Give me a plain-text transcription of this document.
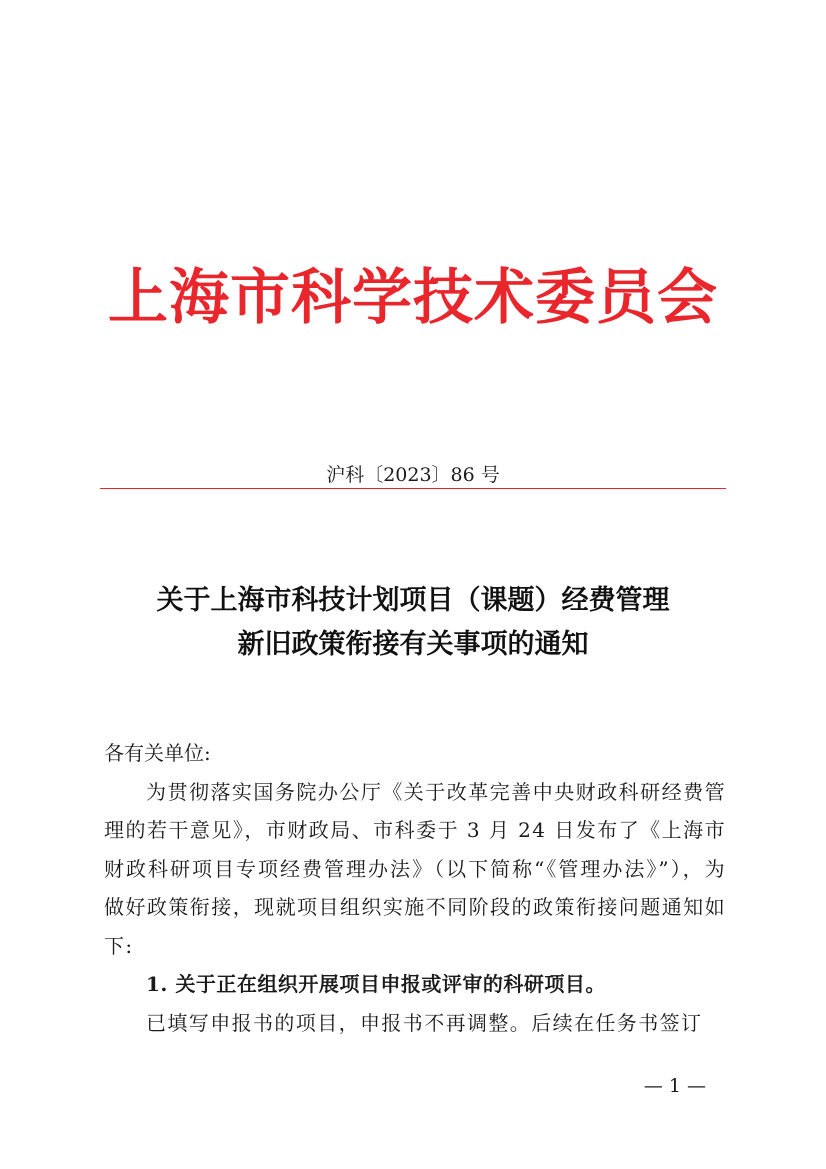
上海市科学技术委员会
沪科〔2023〕86 号
关于上海市科技计划项目（课题）经费管理
新旧政策衔接有关事项的通知

各有关单位:

为贯彻落实国务院办公厅《关于改革完善中央财政科研经费管理的若干意见》，市财政局、市科委于 3 月 24 日发布了《上海市财政科研项目专项经费管理办法》（以下简称“《管理办法》”），为做好政策衔接，现就项目组织实施不同阶段的政策衔接问题通知如下:

1. 关于正在组织开展项目申报或评审的科研项目。

已填写申报书的项目，申报书不再调整。后续在任务书签订

— 1 —
